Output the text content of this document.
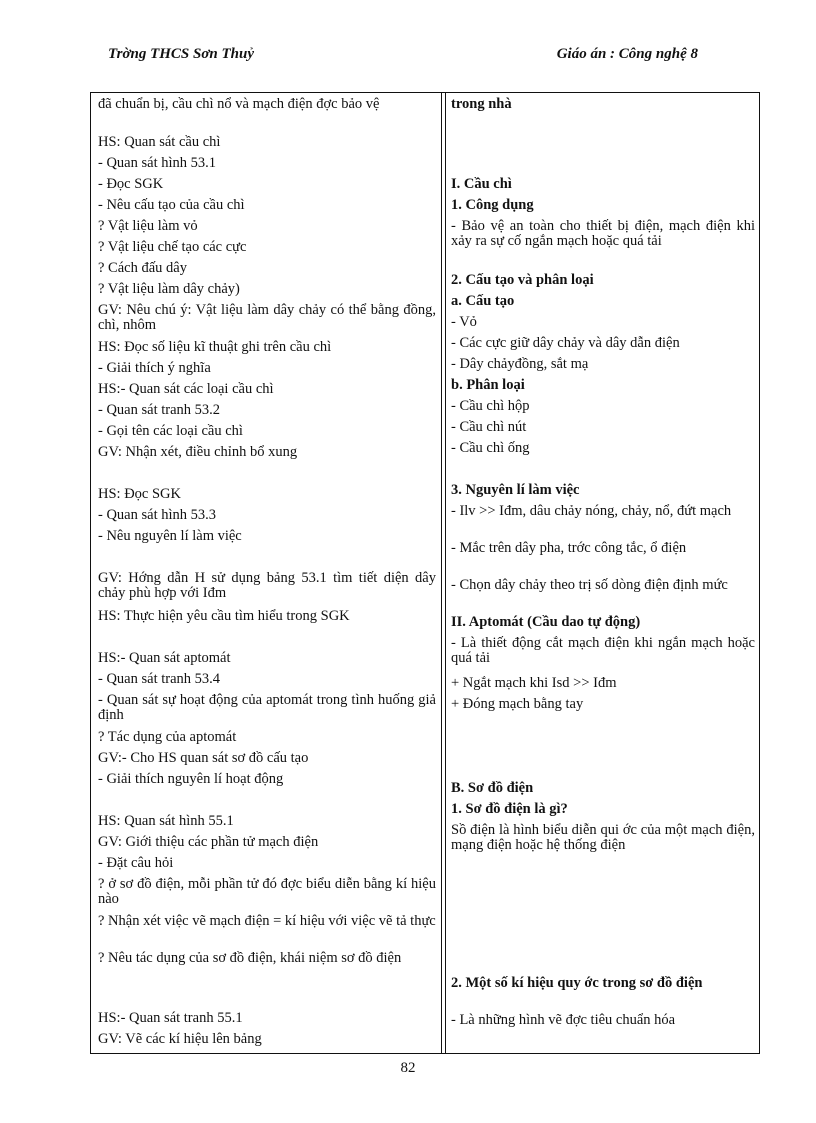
Trờng THCS Sơn Thuỷ	Giáo án : Công nghệ 8
đã chuẩn bị, cầu chì nổ và mạch điện đợc bảo vệ
HS: Quan sát cầu chì
- Quan sát hình 53.1
- Đọc SGK
- Nêu cấu tạo của cầu chì
? Vật liệu làm vỏ
? Vật liệu chế tạo các cực
? Cách đấu dây
? Vật liệu làm dây chảy)
GV: Nêu chú ý: Vật liệu làm dây chảy có thể bằng đồng, chì, nhôm
HS: Đọc số liệu kĩ thuật ghi trên cầu chì
- Giải thích ý nghĩa
HS:- Quan sát các loại cầu chì
- Quan sát tranh 53.2
- Gọi tên các loại cầu chì
GV: Nhận xét, điều chỉnh bổ xung
HS: Đọc SGK
- Quan sát hình 53.3
- Nêu nguyên lí làm việc
GV: Hớng dẫn H sử dụng bảng 53.1 tìm tiết diện dây chảy phù hợp với Iđm
HS: Thực hiện yêu cầu tìm hiểu trong SGK
HS:- Quan sát aptomát
- Quan sát tranh 53.4
- Quan sát sự hoạt động của aptomát trong tình huống giả định
? Tác dụng của aptomát
GV:- Cho HS quan sát sơ đồ cấu tạo
- Giải thích nguyên lí hoạt động
HS: Quan sát hình 55.1
GV: Giới thiệu các phần tử mạch điện
- Đặt câu hỏi
? ở sơ đồ điện, mỗi phần tử đó đợc biểu diễn bằng kí hiệu nào
? Nhận xét việc vẽ mạch điện = kí hiệu với việc vẽ tả thực
? Nêu tác dụng của sơ đồ điện, khái niệm sơ đồ điện
HS:- Quan sát tranh 55.1
GV: Vẽ các kí hiệu lên bảng
trong nhà
I. Cầu chì
1. Công dụng
- Bảo vệ an toàn cho thiết bị điện, mạch điện khi xảy ra sự cố ngắn mạch hoặc quá tải
2. Cấu tạo và phân loại
a. Cấu tạo
- Vỏ
- Các cực giữ dây chảy và dây dẫn điện
- Dây chảyđồng, sắt mạ
b. Phân loại
- Cầu chì hộp
- Cầu chì nút
- Cầu chì ống
3. Nguyên lí làm việc
- Ilv >> Iđm, dâu chảy nóng, chảy, nổ, đứt mạch
- Mắc trên dây pha, trớc công tắc, ổ điện
- Chọn dây chảy theo trị số dòng điện định mức
II. Aptomát (Cầu dao tự động)
- Là thiết động cắt mạch điện khi ngắn mạch hoặc quá tải
+ Ngắt mạch khi Isd >> Iđm
+ Đóng mạch bằng tay
B. Sơ đồ điện
1. Sơ đồ điện là gì?
Sồ điện là hình biểu diễn qui ớc của một mạch điện, mạng điện hoặc hệ thống điện
2. Một số kí hiệu quy ớc trong sơ đồ điện
- Là những hình vẽ đợc tiêu chuẩn hóa
82
